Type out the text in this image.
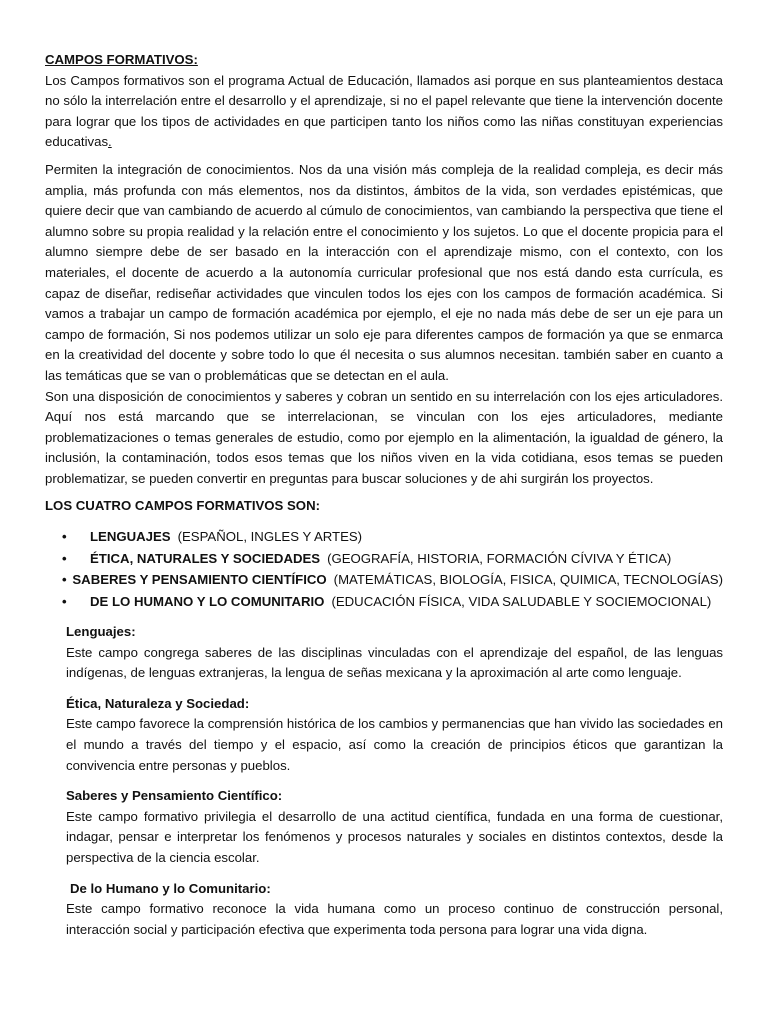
CAMPOS FORMATIVOS:

Los Campos formativos son el programa Actual de Educación, llamados asi porque en sus planteamientos destaca no sólo la interrelación entre el desarrollo y el aprendizaje, si no el papel relevante que tiene la intervención docente para lograr que los tipos de actividades en que participen tanto los niños como las niñas constituyan experiencias educativas.

Permiten la integración de conocimientos. Nos da una visión más compleja de la realidad compleja, es decir más amplia, más profunda con más elementos, nos da distintos, ámbitos de la vida, son verdades epistémicas, que quiere decir que van cambiando de acuerdo al cúmulo de conocimientos, van cambiando la perspectiva que tiene el alumno sobre su propia realidad y la relación entre el conocimiento y los sujetos. Lo que el docente propicia para el alumno siempre debe de ser basado en la interacción con el aprendizaje mismo, con el contexto, con los materiales, el docente de acuerdo a la autonomía curricular profesional que nos está dando esta currícula, es capaz de diseñar, rediseñar actividades que vinculen todos los ejes con los campos de formación académica. Si vamos a trabajar un campo de formación académica por ejemplo, el eje no nada más debe de ser un eje para un campo de formación, Si nos podemos utilizar un solo eje para diferentes campos de formación ya que se enmarca en la creatividad del docente y sobre todo lo que él necesita o sus alumnos necesitan. también saber en cuanto a las temáticas que se van o problemáticas que se detectan en el aula.

Son una disposición de conocimientos y saberes y cobran un sentido en su interrelación con los ejes articuladores. Aquí nos está marcando que se interrelacionan, se vinculan con los ejes articuladores, mediante problematizaciones o temas generales de estudio, como por ejemplo en la alimentación, la igualdad de género, la inclusión, la contaminación, todos esos temas que los niños viven en la vida cotidiana, esos temas se pueden problematizar, se pueden convertir en preguntas para buscar soluciones y de ahi surgirán los proyectos.

LOS CUATRO CAMPOS FORMATIVOS SON:

•	LENGUAJES (ESPAÑOL, INGLES Y ARTES)
•	ÉTICA, NATURALES Y SOCIEDADES (GEOGRAFÍA, HISTORIA, FORMACIÓN CÍVIVA Y ÉTICA)
• SABERES Y PENSAMIENTO CIENTÍFICO (MATEMÁTICAS, BIOLOGÍA, FISICA, QUIMICA, TECNOLOGÍAS)
•	DE LO HUMANO Y LO COMUNITARIO (EDUCACIÓN FÍSICA, VIDA SALUDABLE Y SOCIEMOCIONAL)

Lenguajes:

Este campo congrega saberes de las disciplinas vinculadas con el aprendizaje del español, de las lenguas indígenas, de lenguas extranjeras, la lengua de señas mexicana y la aproximación al arte como lenguaje.

Ética, Naturaleza y Sociedad:

Este campo favorece la comprensión histórica de los cambios y permanencias que han vivido las sociedades en el mundo a través del tiempo y el espacio, así como la creación de principios éticos que garantizan la convivencia entre personas y pueblos.

Saberes y Pensamiento Científico:

Este campo formativo privilegia el desarrollo de una actitud científica, fundada en una forma de cuestionar, indagar, pensar e interpretar los fenómenos y procesos naturales y sociales en distintos contextos, desde la perspectiva de la ciencia escolar.

De lo Humano y lo Comunitario:

Este campo formativo reconoce la vida humana como un proceso continuo de construcción personal, interacción social y participación efectiva que experimenta toda persona para lograr una vida digna.
